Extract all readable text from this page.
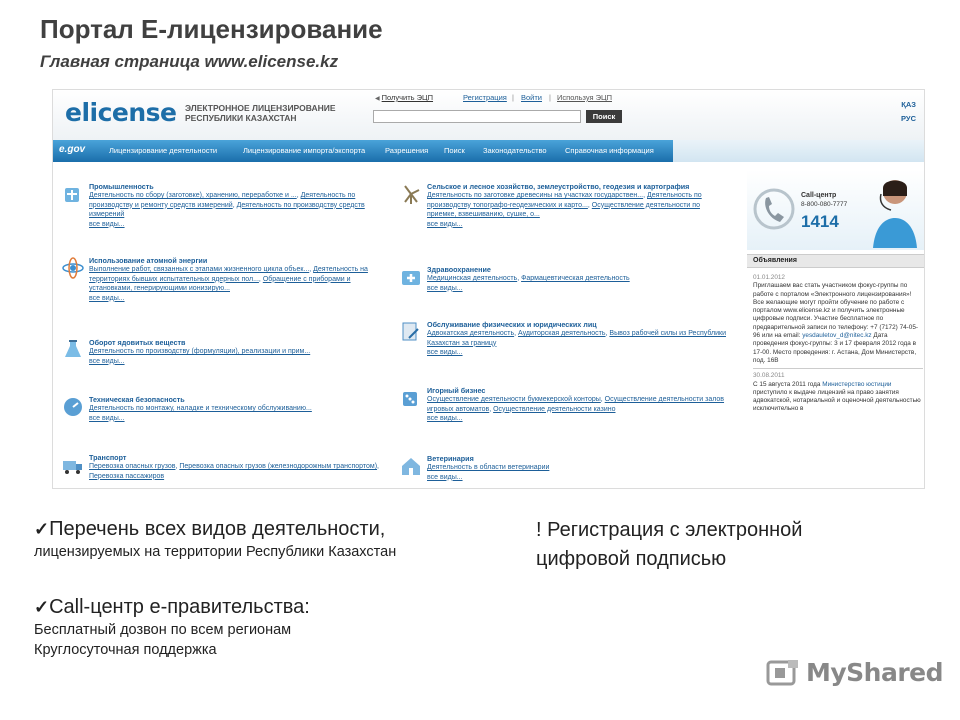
Портал Е-лицензирование
Главная страница www.elicense.kz
elicense ЭЛЕКТРОННОЕ ЛИЦЕНЗИРОВАНИЕ
РЕСПУБЛИКИ КАЗАХСТАН
◀ Получить ЭЦП	Регистрация | Войти | Используя ЭЦП
Поиск
ҚАЗ
РУС
e.gov	Лицензирование деятельности	Лицензирование импорта/экспорта	Разрешения Поиск Законодательство Справочная информация
Промышленность
Деятельность по сбору (заготовке), хранению, переработке и ..., Деятельность по производству и ремонту средств измерений, Деятельность по производству средств измерений
все виды...
Использование атомной энергии
Выполнение работ, связанных с этапами жизненного цикла объек..., Деятельность на территориях бывших испытательных ядерных пол..., Обращение с приборами и установками, генерирующими ионизирую...
все виды...
Оборот ядовитых веществ
Деятельность по производству (формуляции), реализации и прим...
все виды...
Техническая безопасность
Деятельность по монтажу, наладке и техническому обслуживанию...
все виды...
Транспорт
Перевозка опасных грузов, Перевозка опасных грузов (железнодорожным транспортом), Перевозка пассажиров
Сельское и лесное хозяйство, землеустройство, геодезия и картография
Деятельность по заготовке древесины на участках государствен..., Деятельность по производству топографо-геодезических и карто..., Осуществление деятельности по приемке, взвешиванию, сушке, о...
все виды...
Здравоохранение
Медицинская деятельность, Фармацевтическая деятельность
все виды...
Обслуживание физических и юридических лиц
Адвокатская деятельность, Аудиторская деятельность, Вывоз рабочей силы из Республики Казахстан за границу
все виды...
Игорный бизнес
Осуществление деятельности букмекерской конторы, Осуществление деятельности залов игровых автоматов, Осуществление деятельности казино
все виды...
Ветеринария
Деятельность в области ветеринарии
все виды...
Call-центр
8-800-080-7777
1414
Объявления
01.01.2012
Приглашаем вас стать участником фокус-группы по работе с порталом «Электронного лицензирования»! Все желающие могут пройти обучение по работе с порталом www.elicense.kz и получить электронные цифровые подписи. Участие бесплатное по предварительной записи по телефону: +7 (7172) 74-05-96 или на email: yesdauletov_d@nitec.kz Дата проведения фокус-группы: 3 и 17 февраля 2012 года в 17-00. Место проведения: г. Астана, Дом Министерств, под. 16В
30.08.2011
С 15 августа 2011 года Министерство юстиции приступило к выдаче лицензий на право занятия адвокатской, нотариальной и оценочной деятельностью исключительно в
✓Перечень всех видов деятельности,
лицензируемых на территории Республики Казахстан
✓Call-центр е-правительства:
Бесплатный дозвон по всем регионам
Круглосуточная поддержка
! Регистрация с электронной цифровой подписью
MyShared
